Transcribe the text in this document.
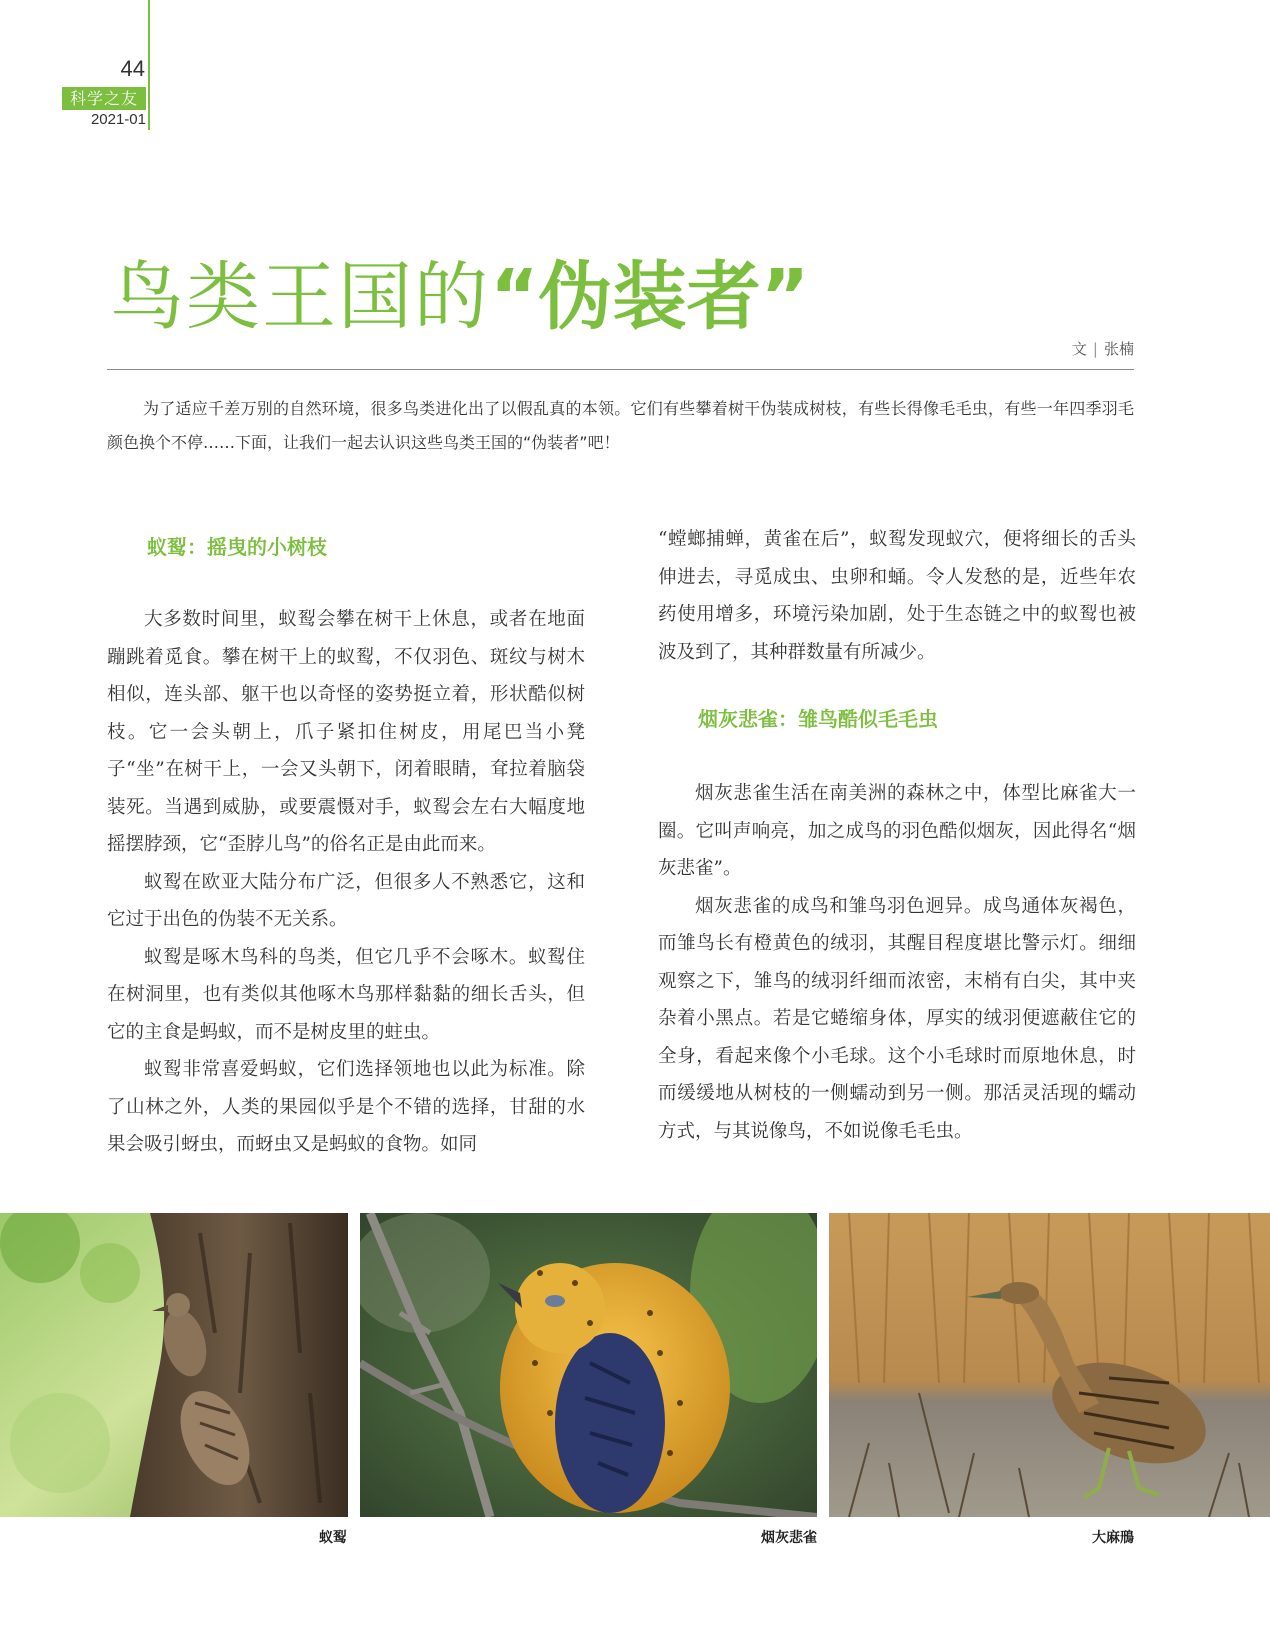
44
科学之友
2021-01
鸟类王国的“伪装者”
文 | 张楠
为了适应千差万别的自然环境，很多鸟类进化出了以假乱真的本领。它们有些攀着树干伪装成树枝，有些长得像毛毛虫，有些一年四季羽毛颜色换个不停……下面，让我们一起去认识这些鸟类王国的“伪装者”吧！
蚁䴕：摇曳的小树枝

大多数时间里，蚁䴕会攀在树干上休息，或者在地面蹦跳着觅食。攀在树干上的蚁䴕，不仅羽色、斑纹与树木相似，连头部、躯干也以奇怪的姿势挺立着，形状酷似树枝。它一会头朝上，爪子紧扣住树皮，用尾巴当小凳子“坐”在树干上，一会又头朝下，闭着眼睛，耷拉着脑袋装死。当遇到威胁，或要震慑对手，蚁䴕会左右大幅度地摇摆脖颈，它“歪脖儿鸟”的俗名正是由此而来。

蚁䴕在欧亚大陆分布广泛，但很多人不熟悉它，这和它过于出色的伪装不无关系。

蚁䴕是啄木鸟科的鸟类，但它几乎不会啄木。蚁䴕住在树洞里，也有类似其他啄木鸟那样黏黏的细长舌头，但它的主食是蚂蚁，而不是树皮里的蛀虫。

蚁䴕非常喜爱蚂蚁，它们选择领地也以此为标准。除了山林之外，人类的果园似乎是个不错的选择，甘甜的水果会吸引蚜虫，而蚜虫又是蚂蚁的食物。如同

“螳螂捕蝉，黄雀在后”，蚁䴕发现蚁穴，便将细长的舌头伸进去，寻觅成虫、虫卵和蛹。令人发愁的是，近些年农药使用增多，环境污染加剧，处于生态链之中的蚁䴕也被波及到了，其种群数量有所减少。

烟灰悲雀：雏鸟酷似毛毛虫

烟灰悲雀生活在南美洲的森林之中，体型比麻雀大一圈。它叫声响亮，加之成鸟的羽色酷似烟灰，因此得名“烟灰悲雀”。

烟灰悲雀的成鸟和雏鸟羽色迥异。成鸟通体灰褐色，而雏鸟长有橙黄色的绒羽，其醒目程度堪比警示灯。细细观察之下，雏鸟的绒羽纤细而浓密，末梢有白尖，其中夹杂着小黑点。若是它蜷缩身体，厚实的绒羽便遮蔽住它的全身，看起来像个小毛球。这个小毛球时而原地休息，时而缓缓地从树枝的一侧蠕动到另一侧。那活灵活现的蠕动方式，与其说像鸟，不如说像毛毛虫。

蚁䴕	烟灰悲雀	大麻鳽
